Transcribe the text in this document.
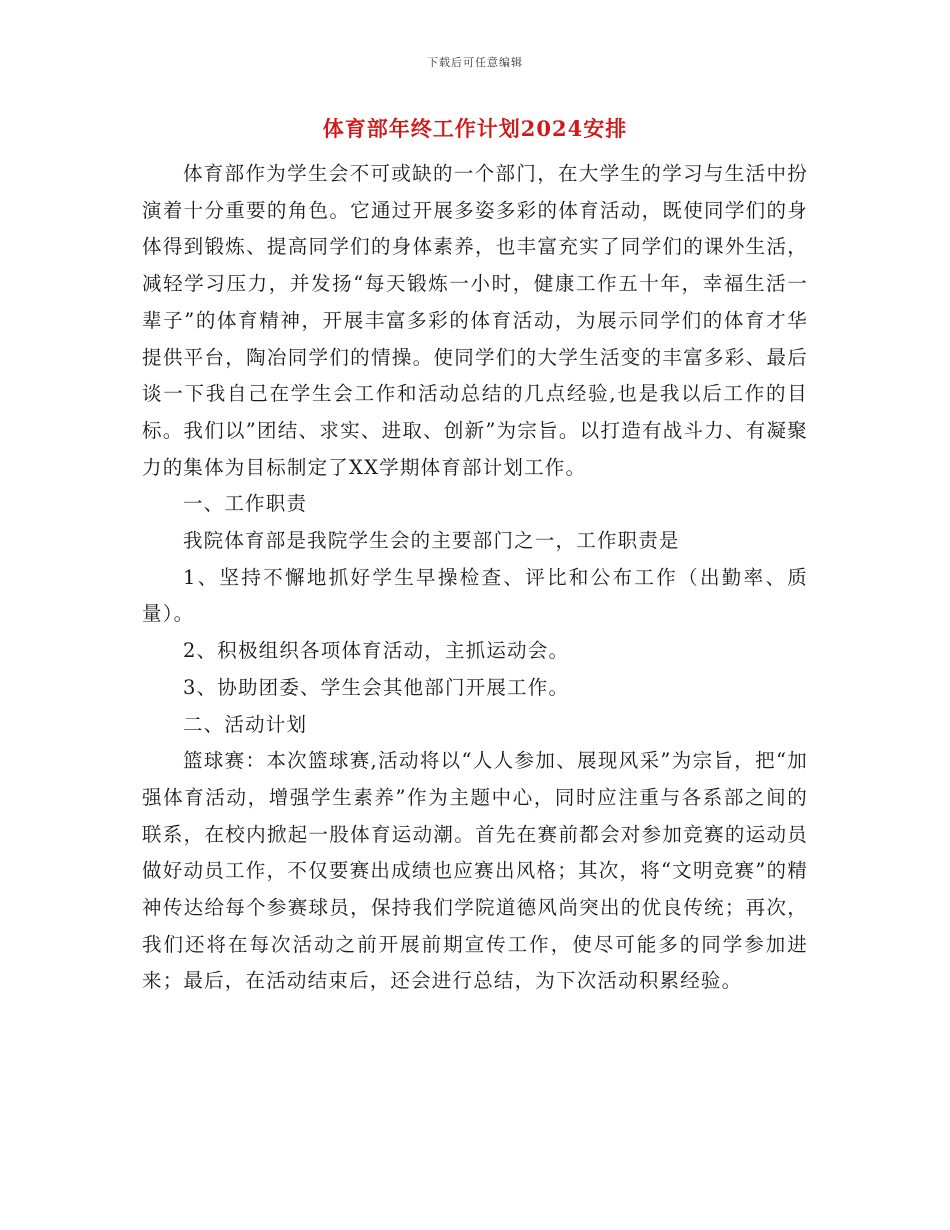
下载后可任意编辑
体育部年终工作计划2024安排

体育部作为学生会不可或缺的一个部门，在大学生的学习与生活中扮演着十分重要的角色。它通过开展多姿多彩的体育活动，既使同学们的身体得到锻炼、提高同学们的身体素养，也丰富充实了同学们的课外生活，减轻学习压力，并发扬“每天锻炼一小时，健康工作五十年，幸福生活一辈子”的体育精神，开展丰富多彩的体育活动，为展示同学们的体育才华提供平台，陶冶同学们的情操。使同学们的大学生活变的丰富多彩、最后谈一下我自己在学生会工作和活动总结的几点经验,也是我以后工作的目标。我们以”团结、求实、进取、创新”为宗旨。以打造有战斗力、有凝聚力的集体为目标制定了XX学期体育部计划工作。

一、工作职责

我院体育部是我院学生会的主要部门之一，工作职责是

1、坚持不懈地抓好学生早操检查、评比和公布工作（出勤率、质量）。

2、积极组织各项体育活动，主抓运动会。

3、协助团委、学生会其他部门开展工作。

二、活动计划

篮球赛：本次篮球赛,活动将以“人人参加、展现风采”为宗旨，把“加强体育活动，增强学生素养”作为主题中心，同时应注重与各系部之间的联系，在校内掀起一股体育运动潮。首先在赛前都会对参加竞赛的运动员做好动员工作，不仅要赛出成绩也应赛出风格；其次，将“文明竞赛”的精神传达给每个参赛球员，保持我们学院道德风尚突出的优良传统；再次，我们还将在每次活动之前开展前期宣传工作，使尽可能多的同学参加进来；最后，在活动结束后，还会进行总结，为下次活动积累经验。
